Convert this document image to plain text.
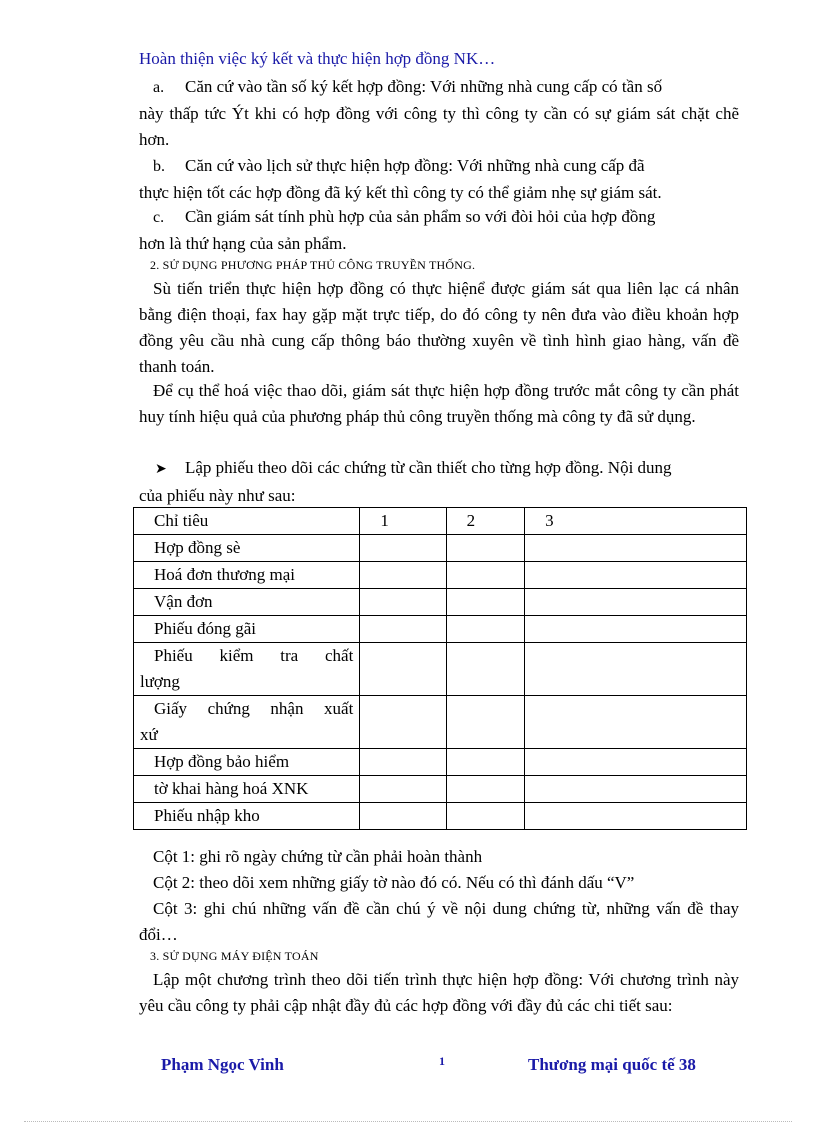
Hoàn thiện việc ký kết và thực hiện hợp đồng NK…
a. Căn cứ vào tần số ký kết hợp đồng: Với những nhà cung cấp có tần số
này thấp tức Ýt khi có hợp đồng với công ty thì công ty cần có sự giám sát chặt chẽ hơn.
b. Căn cứ vào lịch sử thực hiện hợp đồng: Với những nhà cung cấp đã
thực hiện tốt các hợp đồng đã ký kết thì công ty có thể giảm nhẹ sự giám sát.
c. Cần giám sát tính phù hợp của sản phẩm so với đòi hỏi của hợp đồng
hơn là thứ hạng của sản phẩm.
2. SỬ DỤNG PHƯƠNG PHÁP THỦ CÔNG TRUYỀN THỐNG.
Sù tiến triển thực hiện hợp đồng có thực hiệnể được giám sát qua liên lạc cá nhân bằng điện thoại, fax hay gặp mặt trực tiếp, do đó công ty nên đưa vào điều khoản hợp đồng yêu cầu nhà cung cấp thông báo thường xuyên về tình hình giao hàng, vấn đề thanh toán.
Để cụ thể hoá việc thao dõi, giám sát thực hiện hợp đồng trước mắt công ty cần phát huy tính hiệu quả của phương pháp thủ công truyền thống mà công ty đã sử dụng.
➤ Lập phiếu theo dõi các chứng từ cần thiết cho từng hợp đồng. Nội dung
của phiếu này như sau:
Chỉ tiêu	1	2	3
Hợp đồng sè			
Hoá đơn thương mại			
Vận đơn			
Phiếu đóng gãi			

Phiếu kiểm tra chất
lượng			

Giấy chứng nhận xuất
xứ			

Hợp đồng bảo hiểm			
tờ khai hàng hoá XNK			
Phiếu nhập kho			
Cột 1: ghi rõ ngày chứng từ cần phải hoàn thành
Cột 2: theo dõi xem những giấy tờ nào đó có. Nếu có thì đánh dấu “V”
Cột 3: ghi chú những vấn đề cần chú ý về nội dung chứng từ, những vấn đề thay đổi…
3. SỬ DỤNG MÁY ĐIỆN TOÁN
Lập một chương trình theo dõi tiến trình thực hiện hợp đồng: Với chương trình này yêu cầu công ty phải cập nhật đầy đủ các hợp đồng với đầy đủ các chi tiết sau:
Phạm Ngọc Vinh	1	Thương mại quốc tế 38
